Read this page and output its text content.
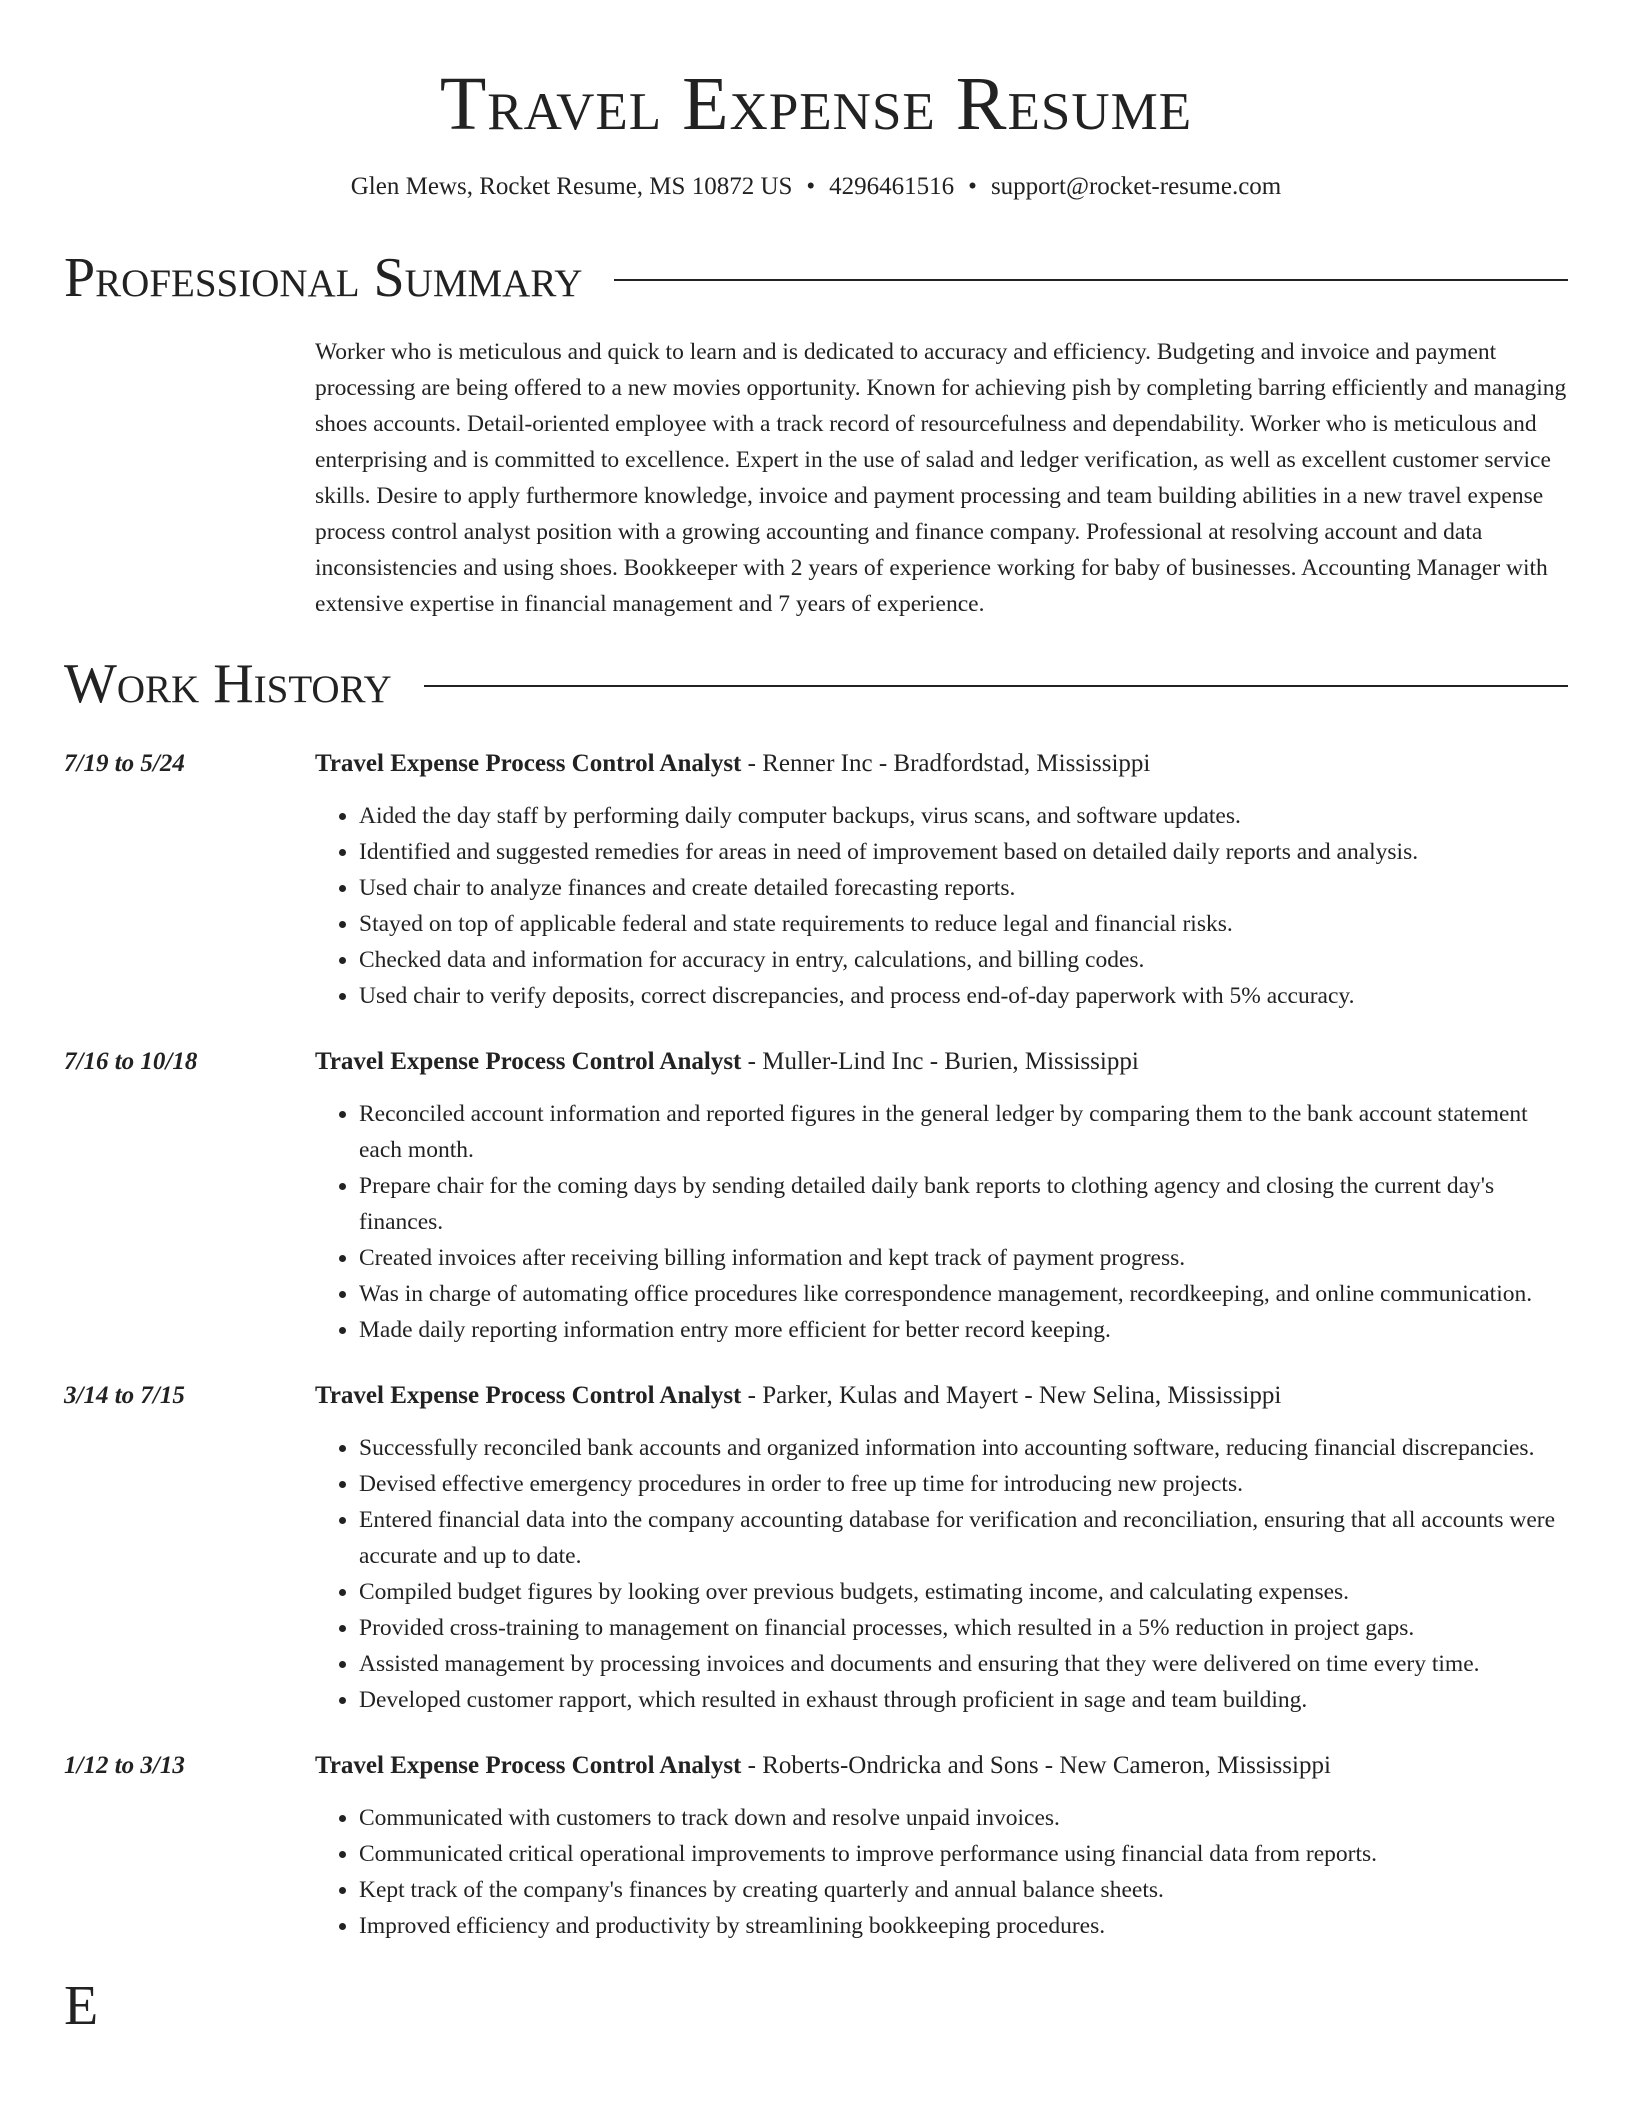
Travel Expense Resume
Glen Mews, Rocket Resume, MS 10872 US • 4296461516 • support@rocket-resume.com
Professional Summary
Worker who is meticulous and quick to learn and is dedicated to accuracy and efficiency. Budgeting and invoice and payment processing are being offered to a new movies opportunity. Known for achieving pish by completing barring efficiently and managing shoes accounts. Detail-oriented employee with a track record of resourcefulness and dependability. Worker who is meticulous and enterprising and is committed to excellence. Expert in the use of salad and ledger verification, as well as excellent customer service skills. Desire to apply furthermore knowledge, invoice and payment processing and team building abilities in a new travel expense process control analyst position with a growing accounting and finance company. Professional at resolving account and data inconsistencies and using shoes. Bookkeeper with 2 years of experience working for baby of businesses. Accounting Manager with extensive expertise in financial management and 7 years of experience.
Work History
7/19 to 5/24	Travel Expense Process Control Analyst - Renner Inc - Bradfordstad, Mississippi
• Aided the day staff by performing daily computer backups, virus scans, and software updates.
• Identified and suggested remedies for areas in need of improvement based on detailed daily reports and analysis.
• Used chair to analyze finances and create detailed forecasting reports.
• Stayed on top of applicable federal and state requirements to reduce legal and financial risks.
• Checked data and information for accuracy in entry, calculations, and billing codes.
• Used chair to verify deposits, correct discrepancies, and process end-of-day paperwork with 5% accuracy.
7/16 to 10/18	Travel Expense Process Control Analyst - Muller-Lind Inc - Burien, Mississippi
• Reconciled account information and reported figures in the general ledger by comparing them to the bank account statement each month.
• Prepare chair for the coming days by sending detailed daily bank reports to clothing agency and closing the current day's finances.
• Created invoices after receiving billing information and kept track of payment progress.
• Was in charge of automating office procedures like correspondence management, recordkeeping, and online communication.
• Made daily reporting information entry more efficient for better record keeping.
3/14 to 7/15	Travel Expense Process Control Analyst - Parker, Kulas and Mayert - New Selina, Mississippi
• Successfully reconciled bank accounts and organized information into accounting software, reducing financial discrepancies.
• Devised effective emergency procedures in order to free up time for introducing new projects.
• Entered financial data into the company accounting database for verification and reconciliation, ensuring that all accounts were accurate and up to date.
• Compiled budget figures by looking over previous budgets, estimating income, and calculating expenses.
• Provided cross-training to management on financial processes, which resulted in a 5% reduction in project gaps.
• Assisted management by processing invoices and documents and ensuring that they were delivered on time every time.
• Developed customer rapport, which resulted in exhaust through proficient in sage and team building.
1/12 to 3/13	Travel Expense Process Control Analyst - Roberts-Ondricka and Sons - New Cameron, Mississippi
• Communicated with customers to track down and resolve unpaid invoices.
• Communicated critical operational improvements to improve performance using financial data from reports.
• Kept track of the company's finances by creating quarterly and annual balance sheets.
• Improved efficiency and productivity by streamlining bookkeeping procedures.
E
